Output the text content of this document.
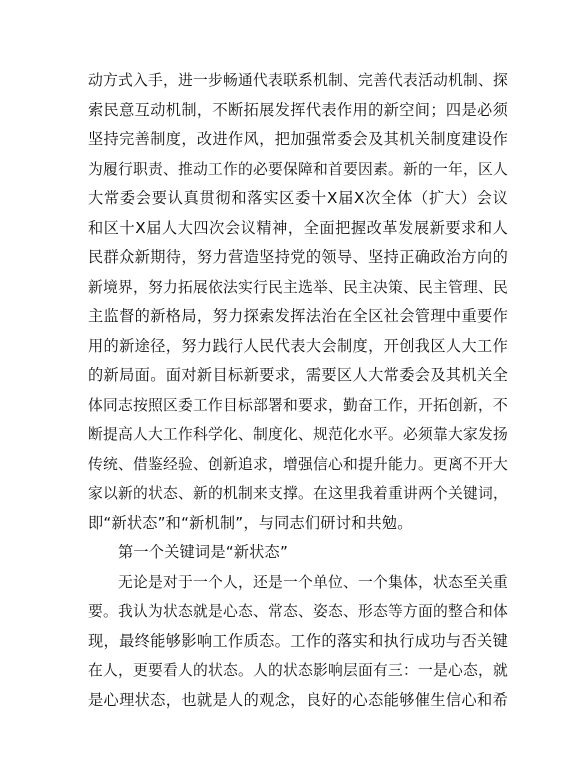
动方式入手，进一步畅通代表联系机制、完善代表活动机制、探
索民意互动机制，不断拓展发挥代表作用的新空间；四是必须
坚持完善制度，改进作风，把加强常委会及其机关制度建设作
为履行职责、推动工作的必要保障和首要因素。新的一年，区人
大常委会要认真贯彻和落实区委十Ⅹ届Ⅹ次全体（扩大）会议
和区十Ⅹ届人大四次会议精神，全面把握改革发展新要求和人
民群众新期待，努力营造坚持党的领导、坚持正确政治方向的
新境界，努力拓展依法实行民主选举、民主决策、民主管理、民
主监督的新格局，努力探索发挥法治在全区社会管理中重要作
用的新途径，努力践行人民代表大会制度，开创我区人大工作
的新局面。面对新目标新要求，需要区人大常委会及其机关全
体同志按照区委工作目标部署和要求，勤奋工作，开拓创新，不
断提高人大工作科学化、制度化、规范化水平。必须靠大家发扬
传统、借鉴经验、创新追求，增强信心和提升能力。更离不开大
家以新的状态、新的机制来支撑。在这里我着重讲两个关键词，
即“新状态”和“新机制”，与同志们研讨和共勉。
第一个关键词是“新状态”
无论是对于一个人，还是一个单位、一个集体，状态至关重
要。我认为状态就是心态、常态、姿态、形态等方面的整合和体
现，最终能够影响工作质态。工作的落实和执行成功与否关键
在人，更要看人的状态。人的状态影响层面有三：一是心态，就
是心理状态，也就是人的观念，良好的心态能够催生信心和希
